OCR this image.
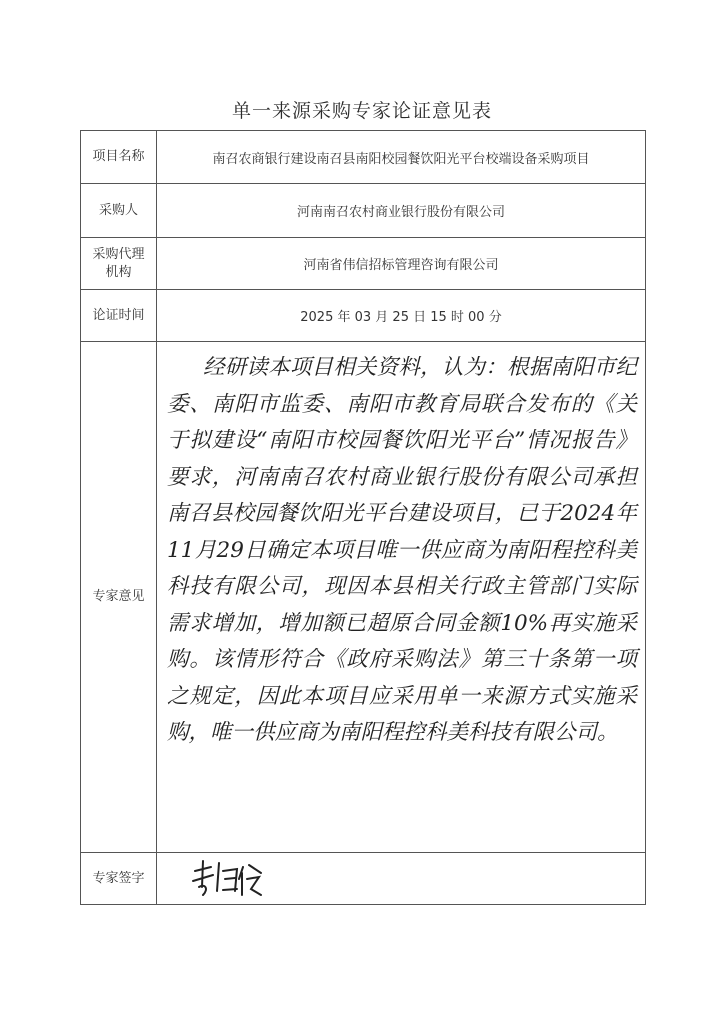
单一来源采购专家论证意见表
项目名称	南召农商银行建设南召县南阳校园餐饮阳光平台校端设备采购项目
采购人	河南南召农村商业银行股份有限公司

采购代理
机构	河南省伟信招标管理咨询有限公司
论证时间	2025 年 03 月 25 日 15 时 00 分
专家意见	经研读本项目相关资料，认为：根据南阳市纪委、南阳市监委、南阳市教育局联合发布的《关于拟建设“南阳市校园餐饮阳光平台”情况报告》要求，河南南召农村商业银行股份有限公司承担南召县校园餐饮阳光平台建设项目，已于2024年11月29日确定本项目唯一供应商为南阳程控科美科技有限公司，现因本县相关行政主管部门实际需求增加，增加额已超原合同金额10%再实施采购。该情形符合《政府采购法》第三十条第一项之规定，因此本项目应采用单一来源方式实施采购，唯一供应商为南阳程控科美科技有限公司。

专家签字	
